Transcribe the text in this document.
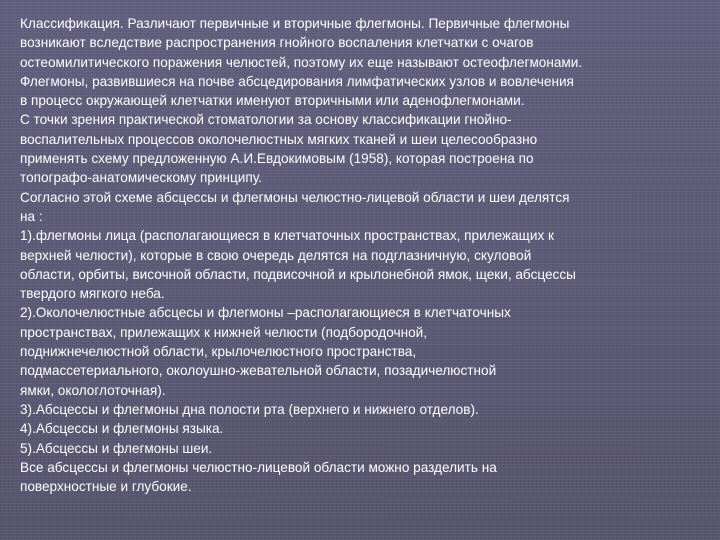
Классификация. Различают первичные и вторичные флегмоны. Первичные флегмоны
возникают вследствие распространения гнойного воспаления клетчатки с очагов
остеомилитического поражения челюстей, поэтому их еще называют остеофлегмонами.
Флегмоны, развившиеся на почве абсцедирования лимфатических узлов и вовлечения
в процесс окружающей клетчатки именуют вторичными или аденофлегмонами.
С точки зрения практической стоматологии за основу классификации гнойно-
воспалительных процессов околочелюстных мягких тканей и шеи целесообразно
применять схему предложенную А.И.Евдокимовым (1958), которая построена по
топографо-анатомическому принципу.
Согласно этой схеме абсцессы и флегмоны челюстно-лицевой области и шеи делятся
на :
1).флегмоны лица (располагающиеся в клетчаточных пространствах, прилежащих к
верхней челюсти), которые в свою очередь делятся на подглазничную, скуловой
области, орбиты, височной области, подвисочной и крылонебной ямок, щеки, абсцессы
твердого мягкого неба.
2).Околочелюстные абсцесы и флегмоны –располагающиеся в клетчаточных
пространствах, прилежащих к нижней челюсти (подбородочной,
поднижнечелюстной области, крылочелюстного пространства,
подмассетериального, околоушно-жевательной области, позадичелюстной
ямки, окологлоточная).
3).Абсцессы и флегмоны дна полости рта (верхнего и нижнего отделов).
4).Абсцессы и флегмоны языка.
5).Абсцессы и флегмоны шеи.
Все абсцессы и флегмоны челюстно-лицевой области можно разделить на
поверхностные и глубокие.
